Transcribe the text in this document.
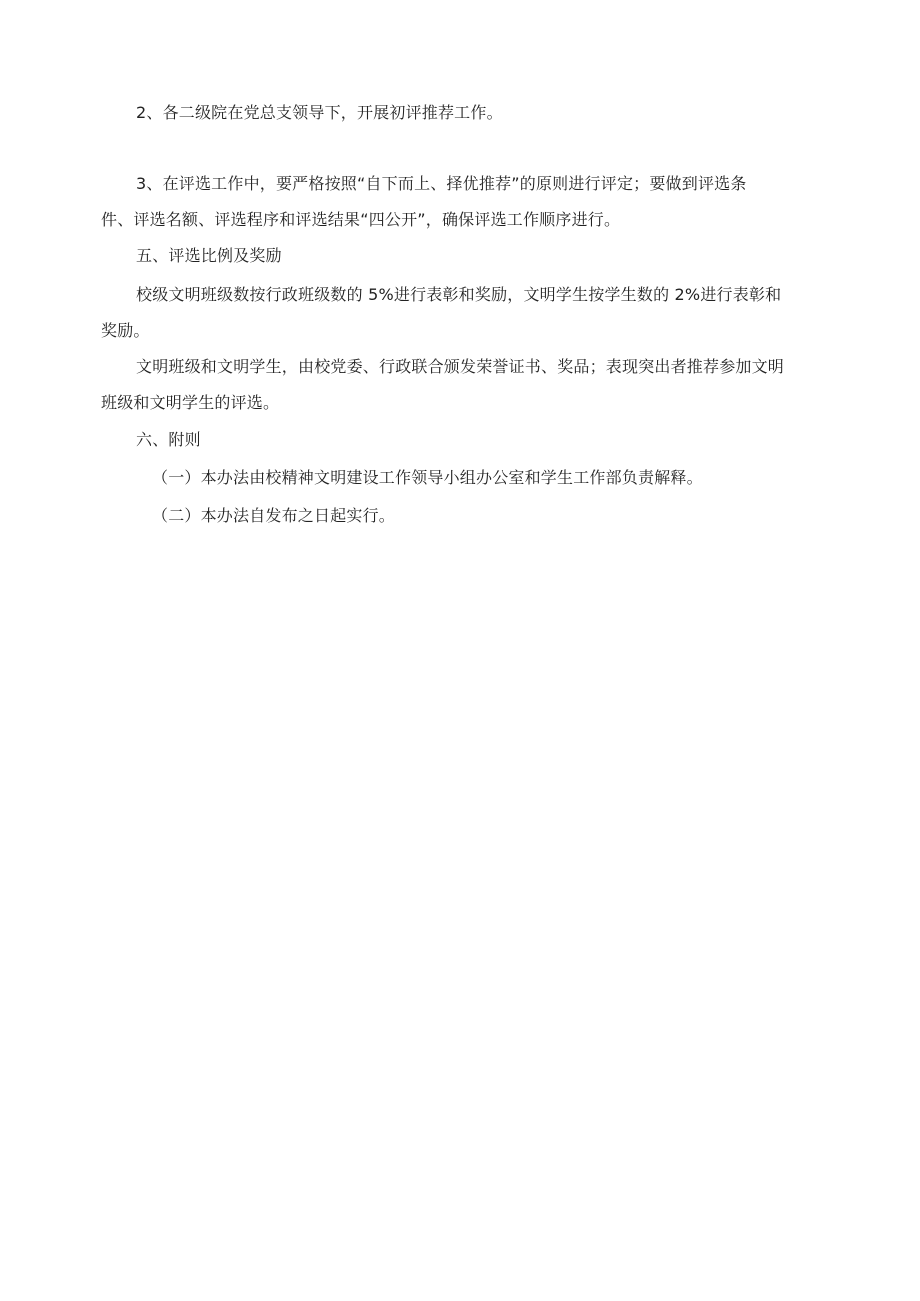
2、各二级院在党总支领导下，开展初评推荐工作。
3、在评选工作中，要严格按照“自下而上、择优推荐”的原则进行评定；要做到评选条
件、评选名额、评选程序和评选结果“四公开”，确保评选工作顺序进行。
五、评选比例及奖励
校级文明班级数按行政班级数的 5%进行表彰和奖励，文明学生按学生数的 2%进行表彰和
奖励。
文明班级和文明学生，由校党委、行政联合颁发荣誉证书、奖品；表现突出者推荐参加文明
班级和文明学生的评选。
六、附则
（一）本办法由校精神文明建设工作领导小组办公室和学生工作部负责解释。
（二）本办法自发布之日起实行。
